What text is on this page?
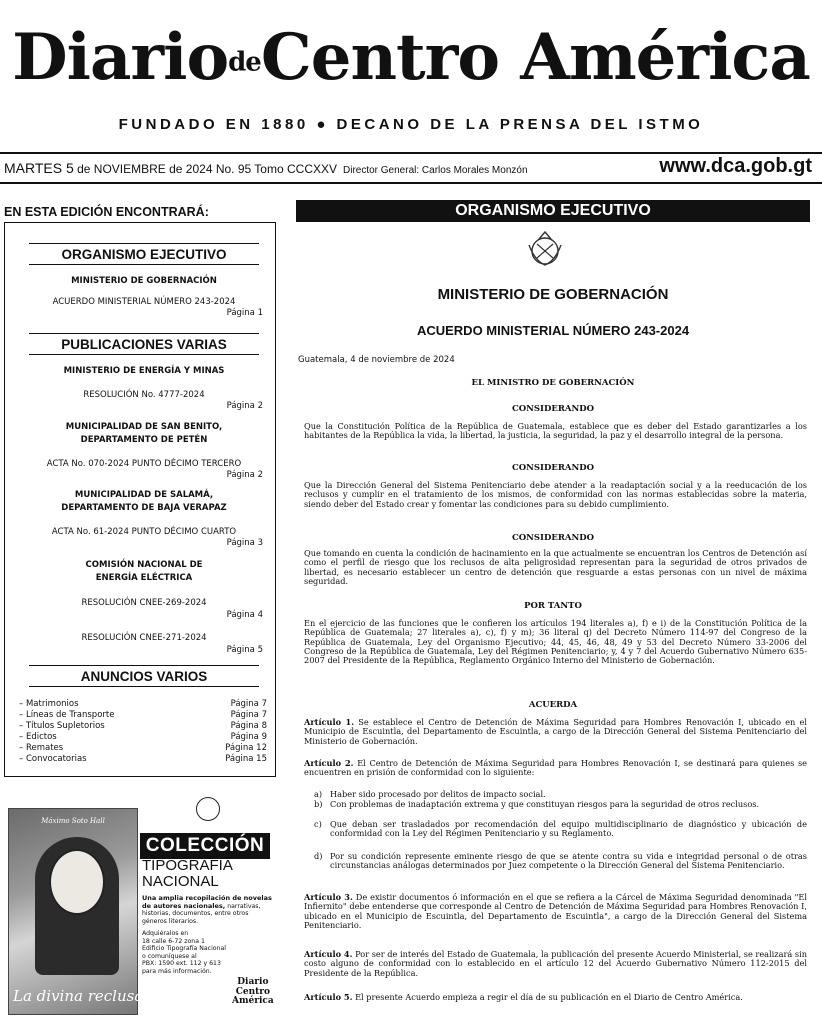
DiariodeCentro América
FUNDADO EN 1880 ● DECANO DE LA PRENSA DEL ISTMO
MARTES 5 de NOVIEMBRE de 2024 No. 95 Tomo CCCXXV Director General: Carlos Morales Monzón	www.dca.gob.gt
EN ESTA EDICIÓN ENCONTRARÁ:
ORGANISMO EJECUTIVO
MINISTERIO DE GOBERNACIÓN
ACUERDO MINISTERIAL NÚMERO 243-2024
Página 1
PUBLICACIONES VARIAS
MINISTERIO DE ENERGÍA Y MINAS
RESOLUCIÓN No. 4777-2024
Página 2
MUNICIPALIDAD DE SAN BENITO, DEPARTAMENTO DE PETÉN
ACTA No. 070-2024 PUNTO DÉCIMO TERCERO
Página 2
MUNICIPALIDAD DE SALAMÁ, DEPARTAMENTO DE BAJA VERAPAZ
ACTA No. 61-2024 PUNTO DÉCIMO CUARTO
Página 3
COMISIÓN NACIONAL DE ENERGÍA ELÉCTRICA
RESOLUCIÓN CNEE-269-2024
Página 4
RESOLUCIÓN CNEE-271-2024
Página 5
ANUNCIOS VARIOS
– Matrimonios	Página 7
– Líneas de Transporte	Página 7
– Títulos Supletorios	Página 8
– Edictos	Página 9
– Remates	Página 12
– Convocatorias	Página 15
Máximo Soto Hall
La divina reclusa
COLECCIÓN
TIPOGRAFÍA
NACIONAL
Una amplia recopilación de novelas de autores nacionales, narrativas, historias, documentos, entre otros géneros literarios.
Adquiéralos en
18 calle 6-72 zona 1
Edificio Tipografía Nacional
o comuníquese al
PBX: 1590 ext. 112 y 613
para más información.
Diario
Centro
América
ORGANISMO EJECUTIVO
MINISTERIO DE GOBERNACIÓN
ACUERDO MINISTERIAL NÚMERO 243-2024
Guatemala, 4 de noviembre de 2024
EL MINISTRO DE GOBERNACIÓN
CONSIDERANDO
Que la Constitución Política de la República de Guatemala, establece que es deber del Estado garantizarles a los habitantes de la República la vida, la libertad, la justicia, la seguridad, la paz y el desarrollo integral de la persona.
CONSIDERANDO
Que la Dirección General del Sistema Penitenciario debe atender a la readaptación social y a la reeducación de los reclusos y cumplir en el tratamiento de los mismos, de conformidad con las normas establecidas sobre la materia, siendo deber del Estado crear y fomentar las condiciones para su debido cumplimiento.
CONSIDERANDO
Que tomando en cuenta la condición de hacinamiento en la que actualmente se encuentran los Centros de Detención así como el perfil de riesgo que los reclusos de alta peligrosidad representan para la seguridad de otros privados de libertad, es necesario establecer un centro de detención que resguarde a estas personas con un nivel de máxima seguridad.
POR TANTO
En el ejercicio de las funciones que le confieren los artículos 194 literales a), f) e i) de la Constitución Política de la República de Guatemala; 27 literales a), c), f) y m); 36 literal q) del Decreto Número 114-97 del Congreso de la República de Guatemala, Ley del Organismo Ejecutivo; 44, 45, 46, 48, 49 y 53 del Decreto Número 33-2006 del Congreso de la República de Guatemala, Ley del Régimen Penitenciario; y, 4 y 7 del Acuerdo Gubernativo Número 635-2007 del Presidente de la República, Reglamento Orgánico Interno del Ministerio de Gobernación.
ACUERDA
Artículo 1. Se establece el Centro de Detención de Máxima Seguridad para Hombres Renovación I, ubicado en el Municipio de Escuintla, del Departamento de Escuintla, a cargo de la Dirección General del Sistema Penitenciario del Ministerio de Gobernación.
Artículo 2. El Centro de Detención de Máxima Seguridad para Hombres Renovación I, se destinará para quienes se encuentren en prisión de conformidad con lo siguiente:
a) Haber sido procesado por delitos de impacto social.
b) Con problemas de inadaptación extrema y que constituyan riesgos para la seguridad de otros reclusos.
c) Que deban ser trasladados por recomendación del equipo multidisciplinario de diagnóstico y ubicación de conformidad con la Ley del Régimen Penitenciario y su Reglamento.
d) Por su condición represente eminente riesgo de que se atente contra su vida e integridad personal o de otras circunstancias análogas determinados por Juez competente o la Dirección General del Sistema Penitenciario.
Artículo 3. De existir documentos ó información en el que se refiera a la Cárcel de Máxima Seguridad denominada "El Infiernito" debe entenderse que corresponde al Centro de Detención de Máxima Seguridad para Hombres Renovación I, ubicado en el Municipio de Escuintla, del Departamento de Escuintla", a cargo de la Dirección General del Sistema Penitenciario.
Artículo 4. Por ser de interés del Estado de Guatemala, la publicación del presente Acuerdo Ministerial, se realizará sin costo alguno de conformidad con lo establecido en el artículo 12 del Acuerdo Gubernativo Número 112-2015 del Presidente de la República.
Artículo 5. El presente Acuerdo empieza a regir el día de su publicación en el Diario de Centro América.
